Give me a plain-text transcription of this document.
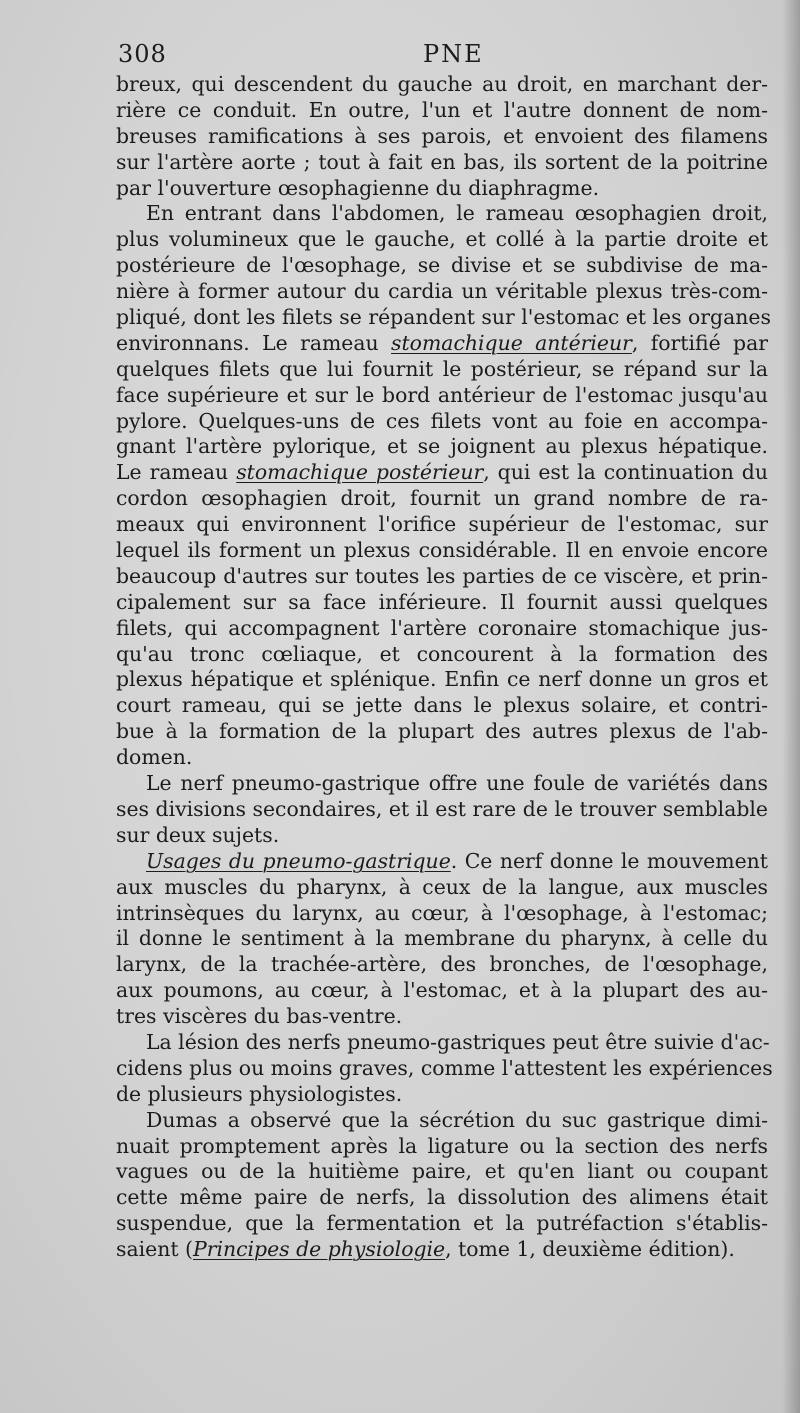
308	PNE
breux, qui descendent du gauche au droit, en marchant der-
rière ce conduit. En outre, l'un et l'autre donnent de nom-
breuses ramifications à ses parois, et envoient des filamens
sur l'artère aorte ; tout à fait en bas, ils sortent de la poitrine
par l'ouverture œsophagienne du diaphragme.
En entrant dans l'abdomen, le rameau œsophagien droit,
plus volumineux que le gauche, et collé à la partie droite et
postérieure de l'œsophage, se divise et se subdivise de ma-
nière à former autour du cardia un véritable plexus très-com-
pliqué, dont les filets se répandent sur l'estomac et les organes
environnans. Le rameau stomachique antérieur, fortifié par
quelques filets que lui fournit le postérieur, se répand sur la
face supérieure et sur le bord antérieur de l'estomac jusqu'au
pylore. Quelques-uns de ces filets vont au foie en accompa-
gnant l'artère pylorique, et se joignent au plexus hépatique.
Le rameau stomachique postérieur, qui est la continuation du
cordon œsophagien droit, fournit un grand nombre de ra-
meaux qui environnent l'orifice supérieur de l'estomac, sur
lequel ils forment un plexus considérable. Il en envoie encore
beaucoup d'autres sur toutes les parties de ce viscère, et prin-
cipalement sur sa face inférieure. Il fournit aussi quelques
filets, qui accompagnent l'artère coronaire stomachique jus-
qu'au tronc cœliaque, et concourent à la formation des
plexus hépatique et splénique. Enfin ce nerf donne un gros et
court rameau, qui se jette dans le plexus solaire, et contri-
bue à la formation de la plupart des autres plexus de l'ab-
domen.
Le nerf pneumo-gastrique offre une foule de variétés dans
ses divisions secondaires, et il est rare de le trouver semblable
sur deux sujets.
Usages du pneumo-gastrique. Ce nerf donne le mouvement
aux muscles du pharynx, à ceux de la langue, aux muscles
intrinsèques du larynx, au cœur, à l'œsophage, à l'estomac;
il donne le sentiment à la membrane du pharynx, à celle du
larynx, de la trachée-artère, des bronches, de l'œsophage,
aux poumons, au cœur, à l'estomac, et à la plupart des au-
tres viscères du bas-ventre.
La lésion des nerfs pneumo-gastriques peut être suivie d'ac-
cidens plus ou moins graves, comme l'attestent les expériences
de plusieurs physiologistes.
Dumas a observé que la sécrétion du suc gastrique dimi-
nuait promptement après la ligature ou la section des nerfs
vagues ou de la huitième paire, et qu'en liant ou coupant
cette même paire de nerfs, la dissolution des alimens était
suspendue, que la fermentation et la putréfaction s'établis-
saient (Principes de physiologie, tome 1, deuxième édition).
